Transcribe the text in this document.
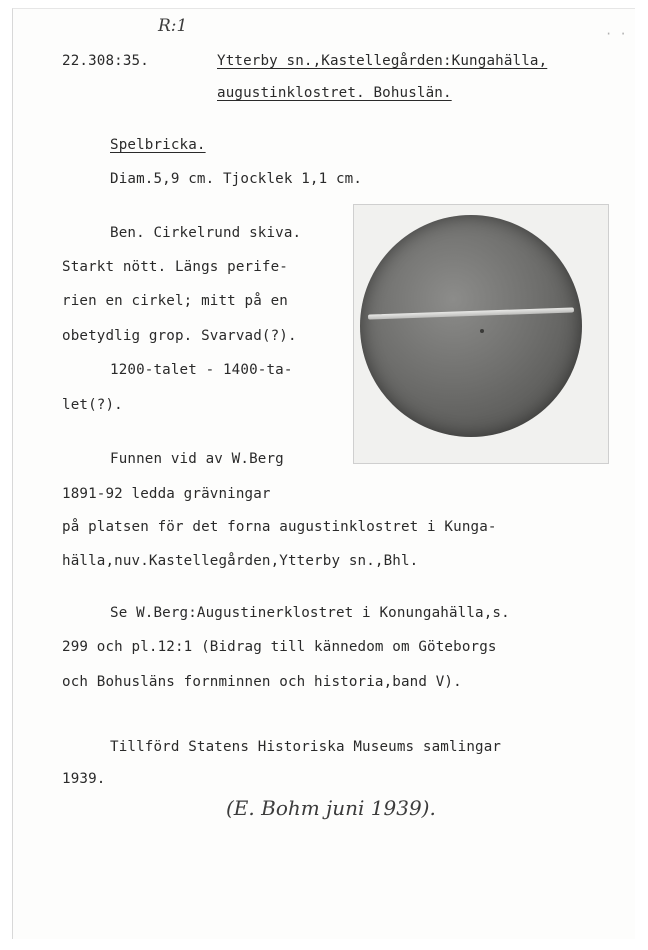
· ·
R:1
22.308:35.	Ytterby sn.,Kastellegården:Kungahälla,
augustinklostret. Bohuslän.
Spelbricka.
Diam.5,9 cm. Tjocklek 1,1 cm.
Ben. Cirkelrund skiva.
Starkt nött. Längs perife-
rien en cirkel; mitt på en
obetydlig grop. Svarvad(?).
1200-talet - 1400-ta-
let(?).
Funnen vid av W.Berg
1891-92 ledda grävningar
på platsen för det forna augustinklostret i Kunga-
hälla,nuv.Kastellegården,Ytterby sn.,Bhl.
Se W.Berg:Augustinerklostret i Konungahälla,s.
299 och pl.12:1 (Bidrag till kännedom om Göteborgs
och Bohusläns fornminnen och historia,band V).
Tillförd Statens Historiska Museums samlingar
1939.
(E. Bohm juni 1939).
